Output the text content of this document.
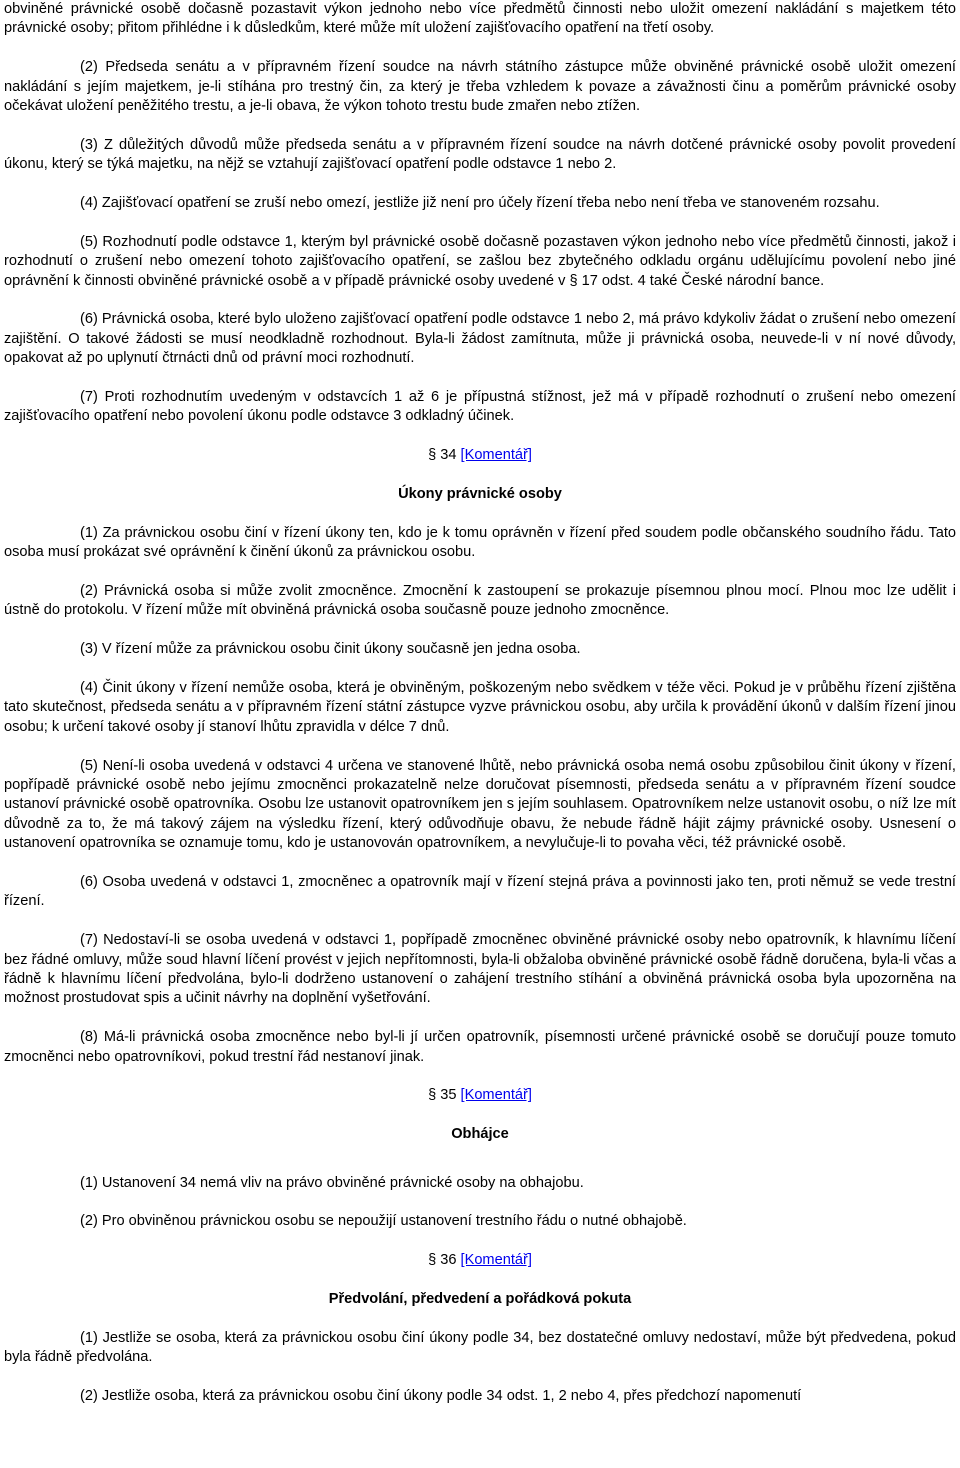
obviněné právnické osobě dočasně pozastavit výkon jednoho nebo více předmětů činnosti nebo uložit omezení nakládání s majetkem této právnické osoby; přitom přihlédne i k důsledkům, které může mít uložení zajišťovacího opatření na třetí osoby.

(2) Předseda senátu a v přípravném řízení soudce na návrh státního zástupce může obviněné právnické osobě uložit omezení nakládání s jejím majetkem, je-li stíhána pro trestný čin, za který je třeba vzhledem k povaze a závažnosti činu a poměrům právnické osoby očekávat uložení peněžitého trestu, a je-li obava, že výkon tohoto trestu bude zmařen nebo ztížen.

(3) Z důležitých důvodů může předseda senátu a v přípravném řízení soudce na návrh dotčené právnické osoby povolit provedení úkonu, který se týká majetku, na nějž se vztahují zajišťovací opatření podle odstavce 1 nebo 2.

(4) Zajišťovací opatření se zruší nebo omezí, jestliže již není pro účely řízení třeba nebo není třeba ve stanoveném rozsahu.

(5) Rozhodnutí podle odstavce 1, kterým byl právnické osobě dočasně pozastaven výkon jednoho nebo více předmětů činnosti, jakož i rozhodnutí o zrušení nebo omezení tohoto zajišťovacího opatření, se zašlou bez zbytečného odkladu orgánu udělujícímu povolení nebo jiné oprávnění k činnosti obviněné právnické osobě a v případě právnické osoby uvedené v § 17 odst. 4 také České národní bance.

(6) Právnická osoba, které bylo uloženo zajišťovací opatření podle odstavce 1 nebo 2, má právo kdykoliv žádat o zrušení nebo omezení zajištění. O takové žádosti se musí neodkladně rozhodnout. Byla-li žádost zamítnuta, může ji právnická osoba, neuvede-li v ní nové důvody, opakovat až po uplynutí čtrnácti dnů od právní moci rozhodnutí.

(7) Proti rozhodnutím uvedeným v odstavcích 1 až 6 je přípustná stížnost, jež má v případě rozhodnutí o zrušení nebo omezení zajišťovacího opatření nebo povolení úkonu podle odstavce 3 odkladný účinek.

§ 34 [Komentář]

Úkony právnické osoby

(1) Za právnickou osobu činí v řízení úkony ten, kdo je k tomu oprávněn v řízení před soudem podle občanského soudního řádu. Tato osoba musí prokázat své oprávnění k činění úkonů za právnickou osobu.

(2) Právnická osoba si může zvolit zmocněnce. Zmocnění k zastoupení se prokazuje písemnou plnou mocí. Plnou moc lze udělit i ústně do protokolu. V řízení může mít obviněná právnická osoba současně pouze jednoho zmocněnce.

(3) V řízení může za právnickou osobu činit úkony současně jen jedna osoba.

(4) Činit úkony v řízení nemůže osoba, která je obviněným, poškozeným nebo svědkem v téže věci. Pokud je v průběhu řízení zjištěna tato skutečnost, předseda senátu a v přípravném řízení státní zástupce vyzve právnickou osobu, aby určila k provádění úkonů v dalším řízení jinou osobu; k určení takové osoby jí stanoví lhůtu zpravidla v délce 7 dnů.

(5) Není-li osoba uvedená v odstavci 4 určena ve stanovené lhůtě, nebo právnická osoba nemá osobu způsobilou činit úkony v řízení, popřípadě právnické osobě nebo jejímu zmocněnci prokazatelně nelze doručovat písemnosti, předseda senátu a v přípravném řízení soudce ustanoví právnické osobě opatrovníka. Osobu lze ustanovit opatrovníkem jen s jejím souhlasem. Opatrovníkem nelze ustanovit osobu, o níž lze mít důvodně za to, že má takový zájem na výsledku řízení, který odůvodňuje obavu, že nebude řádně hájit zájmy právnické osoby. Usnesení o ustanovení opatrovníka se oznamuje tomu, kdo je ustanovován opatrovníkem, a nevylučuje-li to povaha věci, též právnické osobě.

(6) Osoba uvedená v odstavci 1, zmocněnec a opatrovník mají v řízení stejná práva a povinnosti jako ten, proti němuž se vede trestní řízení.

(7) Nedostaví-li se osoba uvedená v odstavci 1, popřípadě zmocněnec obviněné právnické osoby nebo opatrovník, k hlavnímu líčení bez řádné omluvy, může soud hlavní líčení provést v jejich nepřítomnosti, byla-li obžaloba obviněné právnické osobě řádně doručena, byla-li včas a řádně k hlavnímu líčení předvolána, bylo-li dodrženo ustanovení o zahájení trestního stíhání a obviněná právnická osoba byla upozorněna na možnost prostudovat spis a učinit návrhy na doplnění vyšetřování.

(8) Má-li právnická osoba zmocněnce nebo byl-li jí určen opatrovník, písemnosti určené právnické osobě se doručují pouze tomuto zmocněnci nebo opatrovníkovi, pokud trestní řád nestanoví jinak.

§ 35 [Komentář]

Obhájce

(1) Ustanovení 34 nemá vliv na právo obviněné právnické osoby na obhajobu.

(2) Pro obviněnou právnickou osobu se nepoužijí ustanovení trestního řádu o nutné obhajobě.

§ 36 [Komentář]

Předvolání, předvedení a pořádková pokuta

(1) Jestliže se osoba, která za právnickou osobu činí úkony podle 34, bez dostatečné omluvy nedostaví, může být předvedena, pokud byla řádně předvolána.

(2) Jestliže osoba, která za právnickou osobu činí úkony podle 34 odst. 1, 2 nebo 4, přes předchozí napomenutí
